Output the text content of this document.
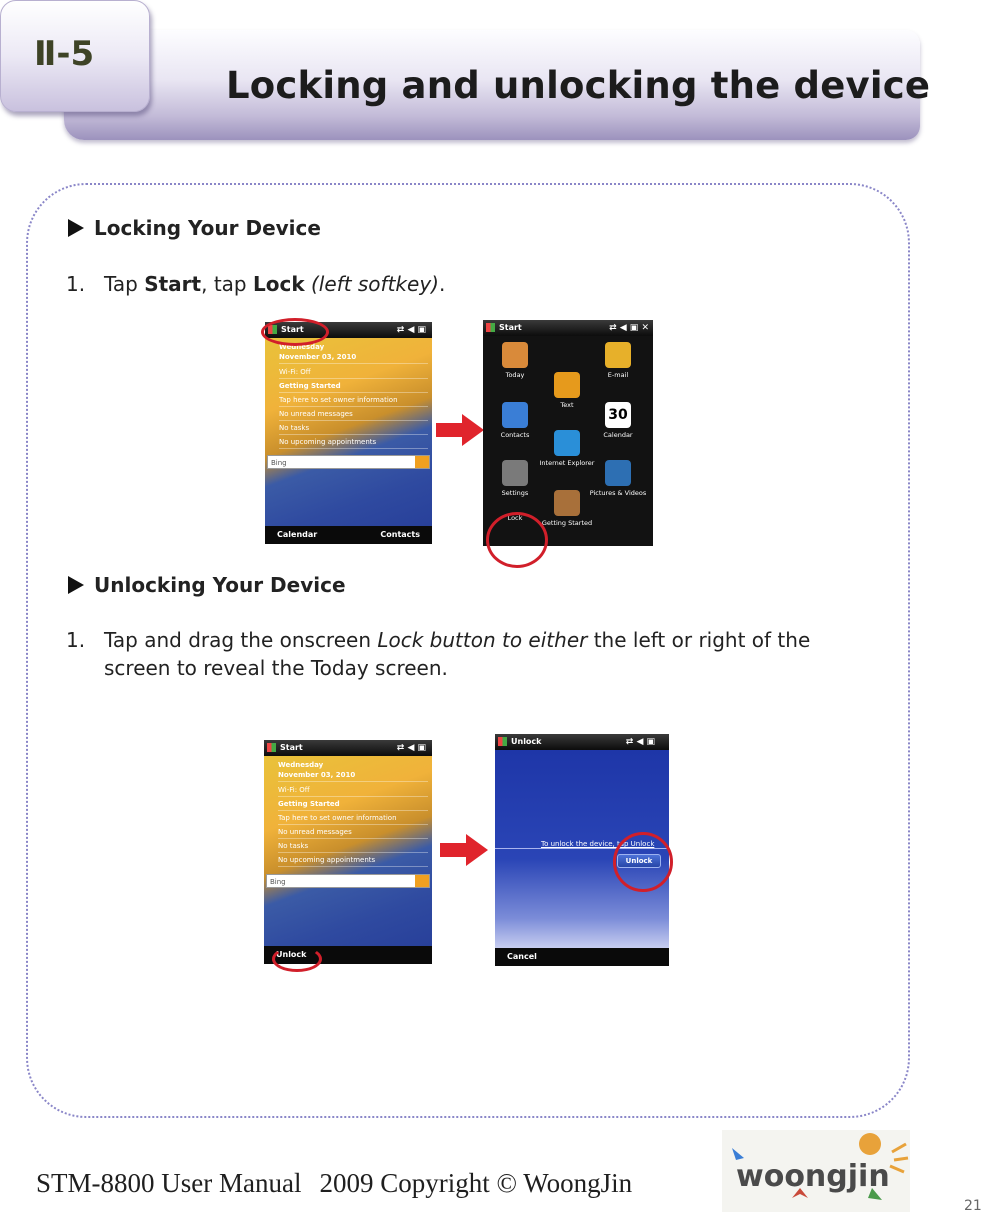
Locking and unlocking the device
Ⅱ-5
Locking Your Device
1. Tap Start, tap Lock (left softkey).
Start	⇄ ◀ ▣
Wednesday
November 03, 2010
Wi-Fi: Off
Getting Started
Tap here to set owner information
No unread messages
No tasks
No upcoming appointments
Bing
Calendar	Contacts
Start	⇄ ◀ ▣ ✕
Today	E-mail
Text
Contacts
30
Calendar
Internet Explorer
Settings	Pictures & Videos
Lock
Getting Started
Unlocking Your Device
1. Tap and drag the onscreen Lock button to either the left or right of the
screen to reveal the Today screen.
Start	⇄ ◀ ▣
Wednesday
November 03, 2010
Wi-Fi: Off
Getting Started
Tap here to set owner information
No unread messages
No tasks
No upcoming appointments
Bing
Unlock
Unlock	⇄ ◀ ▣
To unlock the device, tap Unlock
Unlock
Cancel
STM-8800 User Manual 2009 Copyright © WoongJin	woongjin
21
